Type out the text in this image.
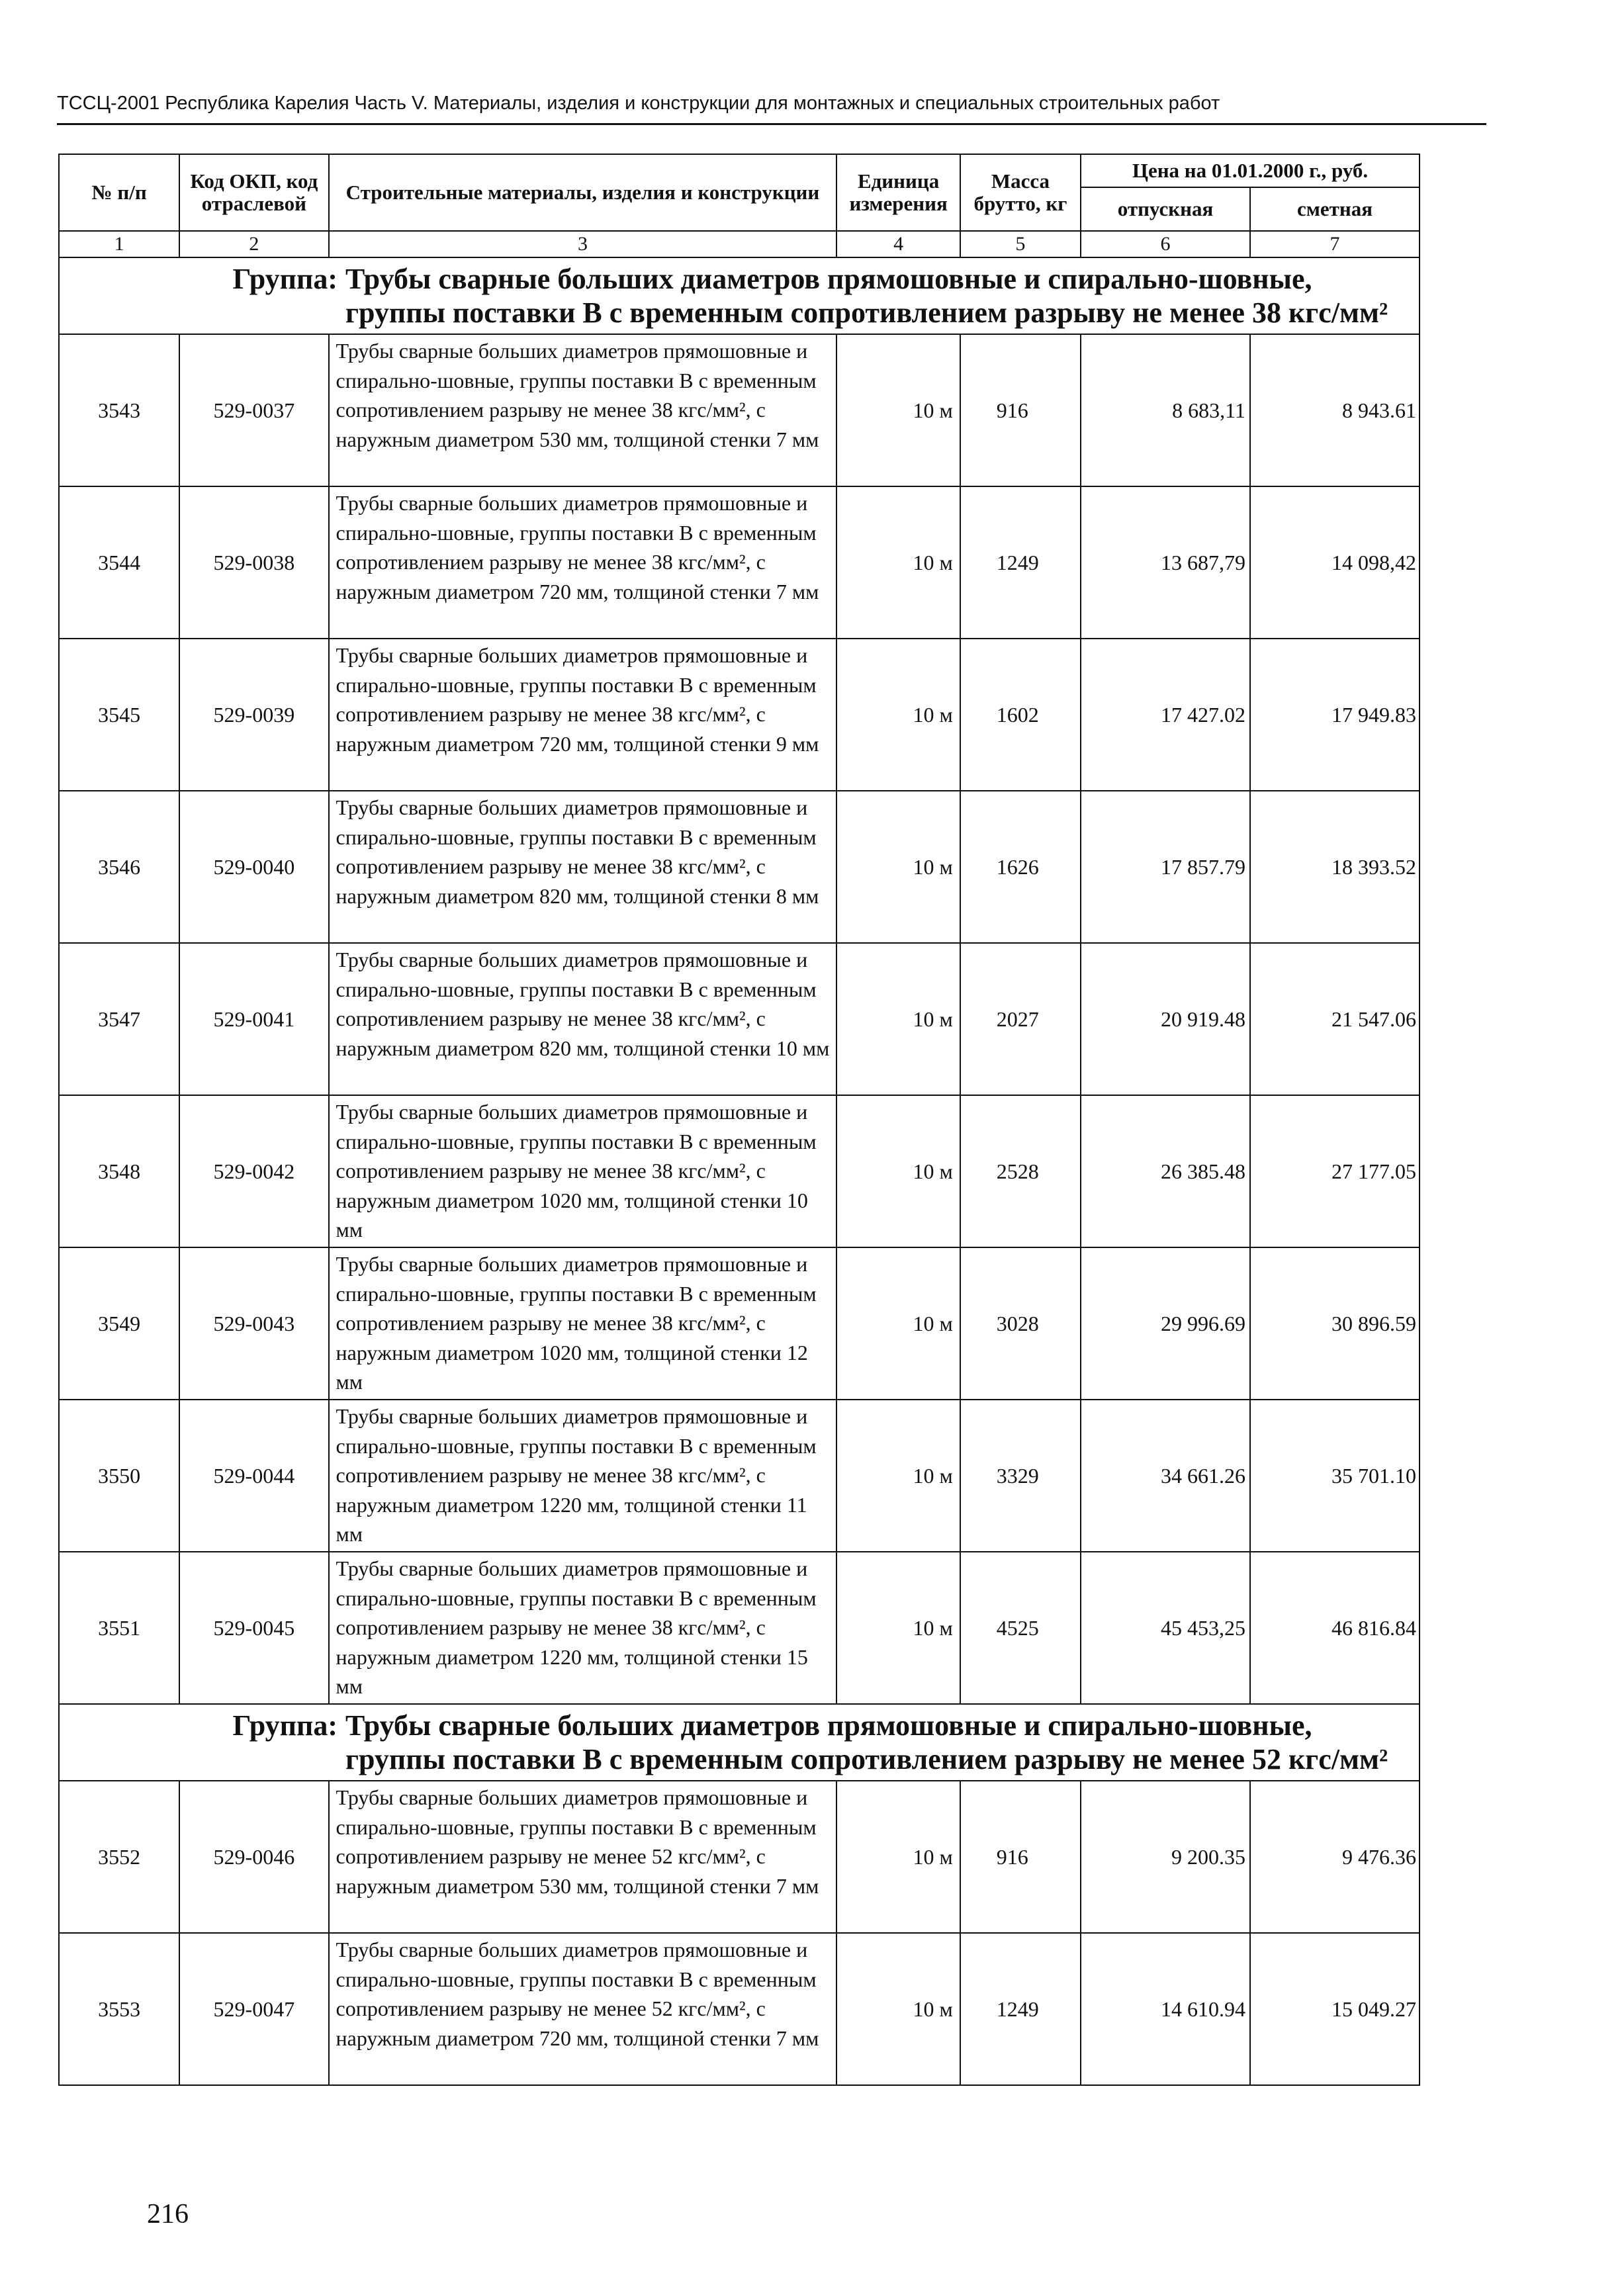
ТССЦ-2001 Республика Карелия Часть V. Материалы, изделия и конструкции для монтажных и специальных строительных работ
№ п/п	Код ОКП, код отраслевой	Строительные материалы, изделия и конструкции	Единица измерения	Масса брутто, кг	Цена на 01.01.2000 г., руб.	
					отпускная	сметная
1	2	3	4	5	6	7

Группа: Трубы сварные больших диаметров прямошовные и спирально-шовные, группы поставки В с временным сопротивлением разрыву не менее 38 кгс/мм²						

3543	529-0037	Трубы сварные больших диаметров прямошовные и спирально-шовные, группы поставки В с временным сопротивлением разрыву не менее 38 кгс/мм², с наружным диаметром 530 мм, толщиной стенки 7 мм	10 м	916	8 683,11	8 943.61
3544	529-0038	Трубы сварные больших диаметров прямошовные и спирально-шовные, группы поставки В с временным сопротивлением разрыву не менее 38 кгс/мм², с наружным диаметром 720 мм, толщиной стенки 7 мм	10 м	1249	13 687,79	14 098,42
3545	529-0039	Трубы сварные больших диаметров прямошовные и спирально-шовные, группы поставки В с временным сопротивлением разрыву не менее 38 кгс/мм², с наружным диаметром 720 мм, толщиной стенки 9 мм	10 м	1602	17 427.02	17 949.83
3546	529-0040	Трубы сварные больших диаметров прямошовные и спирально-шовные, группы поставки В с временным сопротивлением разрыву не менее 38 кгс/мм², с наружным диаметром 820 мм, толщиной стенки 8 мм	10 м	1626	17 857.79	18 393.52
3547	529-0041	Трубы сварные больших диаметров прямошовные и спирально-шовные, группы поставки В с временным сопротивлением разрыву не менее 38 кгс/мм², с наружным диаметром 820 мм, толщиной стенки 10 мм	10 м	2027	20 919.48	21 547.06
3548	529-0042	Трубы сварные больших диаметров прямошовные и спирально-шовные, группы поставки В с временным сопротивлением разрыву не менее 38 кгс/мм², с наружным диаметром 1020 мм, толщиной стенки 10 мм	10 м	2528	26 385.48	27 177.05
3549	529-0043	Трубы сварные больших диаметров прямошовные и спирально-шовные, группы поставки В с временным сопротивлением разрыву не менее 38 кгс/мм², с наружным диаметром 1020 мм, толщиной стенки 12 мм	10 м	3028	29 996.69	30 896.59
3550	529-0044	Трубы сварные больших диаметров прямошовные и спирально-шовные, группы поставки В с временным сопротивлением разрыву не менее 38 кгс/мм², с наружным диаметром 1220 мм, толщиной стенки 11 мм	10 м	3329	34 661.26	35 701.10
3551	529-0045	Трубы сварные больших диаметров прямошовные и спирально-шовные, группы поставки В с временным сопротивлением разрыву не менее 38 кгс/мм², с наружным диаметром 1220 мм, толщиной стенки 15 мм	10 м	4525	45 453,25	46 816.84

Группа: Трубы сварные больших диаметров прямошовные и спирально-шовные, группы поставки В с временным сопротивлением разрыву не менее 52 кгс/мм²						

3552	529-0046	Трубы сварные больших диаметров прямошовные и спирально-шовные, группы поставки В с временным сопротивлением разрыву не менее 52 кгс/мм², с наружным диаметром 530 мм, толщиной стенки 7 мм	10 м	916	9 200.35	9 476.36
3553	529-0047	Трубы сварные больших диаметров прямошовные и спирально-шовные, группы поставки В с временным сопротивлением разрыву не менее 52 кгс/мм², с наружным диаметром 720 мм, толщиной стенки 7 мм	10 м	1249	14 610.94	15 049.27
216
